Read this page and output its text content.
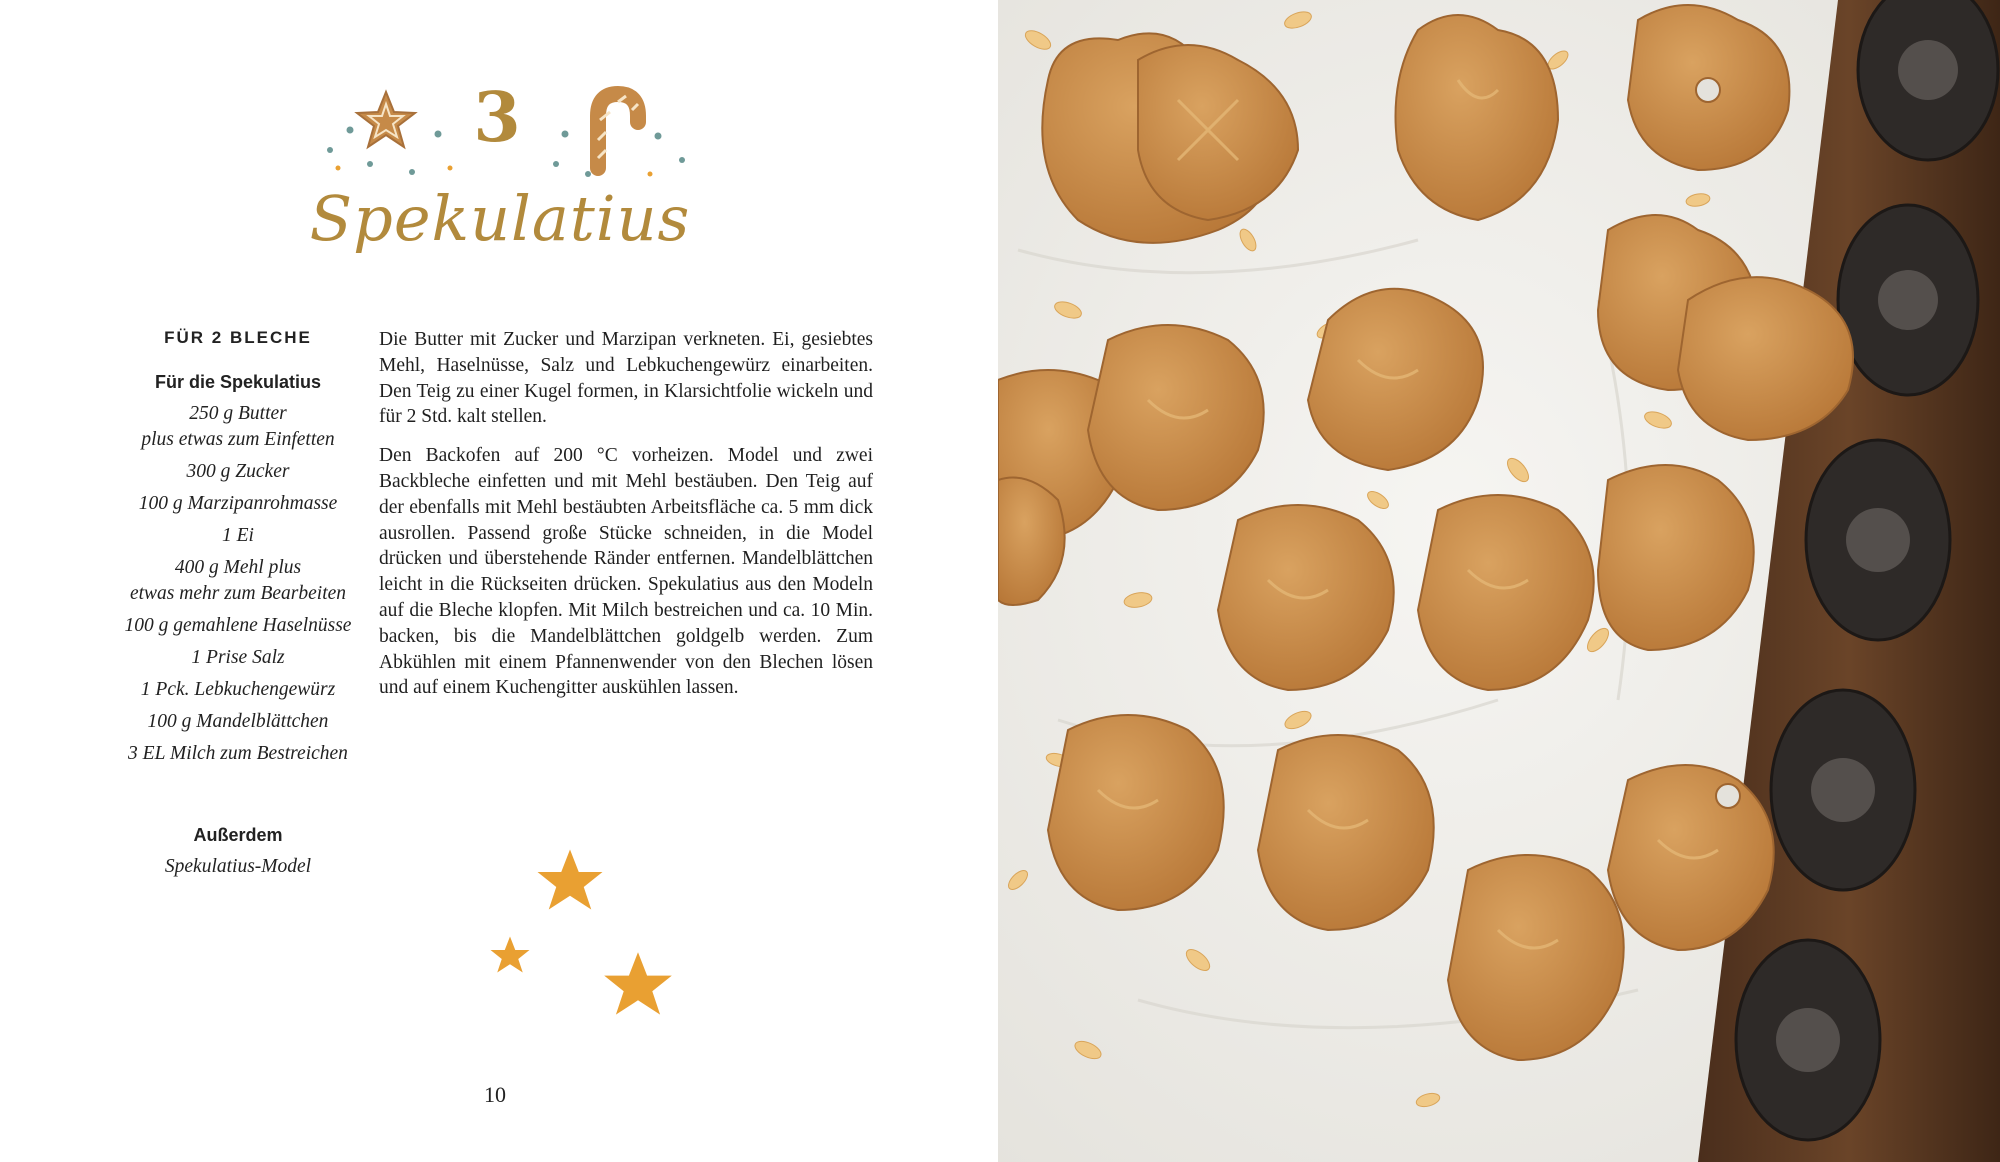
3
Spekulatius
FÜR 2 BLECHE
Für die Spekulatius
250 g Butter
plus etwas zum Einfetten
300 g Zucker
100 g Marzipanrohmasse
1 Ei
400 g Mehl plus
etwas mehr zum Bearbeiten
100 g gemahlene Haselnüsse
1 Prise Salz
1 Pck. Lebkuchengewürz
100 g Mandelblättchen
3 EL Milch zum Bestreichen
Außerdem
Spekulatius-Model

Die Butter mit Zucker und Marzipan verkneten. Ei, gesiebtes Mehl, Haselnüsse, Salz und Lebkuchengewürz einarbeiten. Den Teig zu einer Kugel formen, in Klarsichtfolie wickeln und für 2 Std. kalt stellen.

Den Backofen auf 200 °C vorheizen. Model und zwei Backbleche einfetten und mit Mehl bestäuben. Den Teig auf der ebenfalls mit Mehl bestäubten Arbeitsfläche ca. 5 mm dick ausrollen. Passend große Stücke schneiden, in die Model drücken und überstehende Ränder entfernen. Mandelblättchen leicht in die Rückseiten drücken. Spekulatius aus den Modeln auf die Bleche klopfen. Mit Milch bestreichen und ca. 10 Min. backen, bis die Mandelblättchen goldgelb werden. Zum Abkühlen mit einem Pfannenwender von den Blechen lösen und auf einem Kuchengitter auskühlen lassen.

10
